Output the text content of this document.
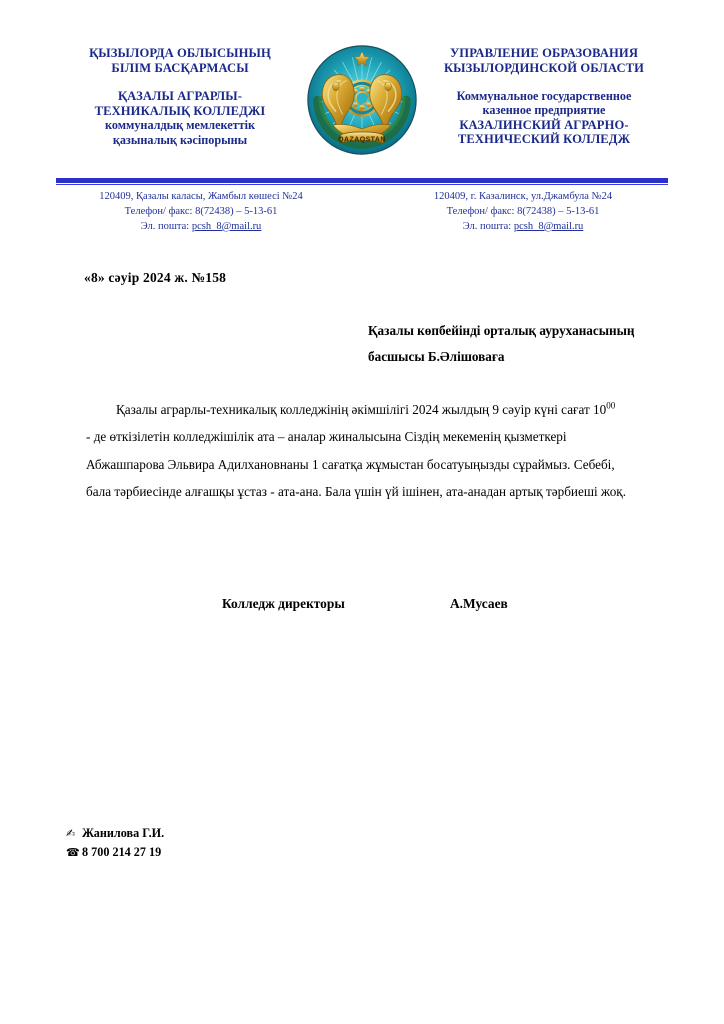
ҚЫЗЫЛОРДА ОБЛЫСЫНЫҢ
БІЛІМ БАСҚАРМАСЫ
ҚАЗАЛЫ АГРАРЛЫ-
ТЕХНИКАЛЫҚ КОЛЛЕДЖІ
коммуналдық мемлекеттік
қазыналық кәсіпорыны	QAZAQSTAN
УПРАВЛЕНИЕ ОБРАЗОВАНИЯ
КЫЗЫЛОРДИНСКОЙ ОБЛАСТИ
Коммунальное государственное
казенное предприятие
КАЗАЛИНСКИЙ АГРАРНО-
ТЕХНИЧЕСКИЙ КОЛЛЕДЖ
120409, Қазалы каласы, Жамбыл көшесі №24
Телефон/ факс: 8(72438) – 5-13-61
Эл. пошта: pcsh_8@mail.ru
120409, г. Казалинск, ул.Джамбула №24
Телефон/ факс: 8(72438) – 5-13-61
Эл. пошта: pcsh_8@mail.ru
«8» сәуір 2024 ж. №158
Қазалы көпбейінді орталық ауруханасының
басшысы Б.Әлішоваға
Қазалы аграрлы-техникалық колледжінің әкімшілігі 2024 жылдың 9 сәуір күні сағат $10^{00}$
- де өткізілетін колледжішілік ата – аналар жиналысына Сіздің мекеменің қызметкері
Абжашпарова Эльвира Адилхановнаны 1 сағатқа жұмыстан босатуыңызды сұраймыз. Себебі,
бала тәрбиесінде алғашқы ұстаз - ата-ана. Бала үшін үй ішінен, ата-анадан артық тәрбиеші жоқ.
Колледж директоры	А.Мусаев
✍ Жанилова Г.И.
☎ 8 700 214 27 19
